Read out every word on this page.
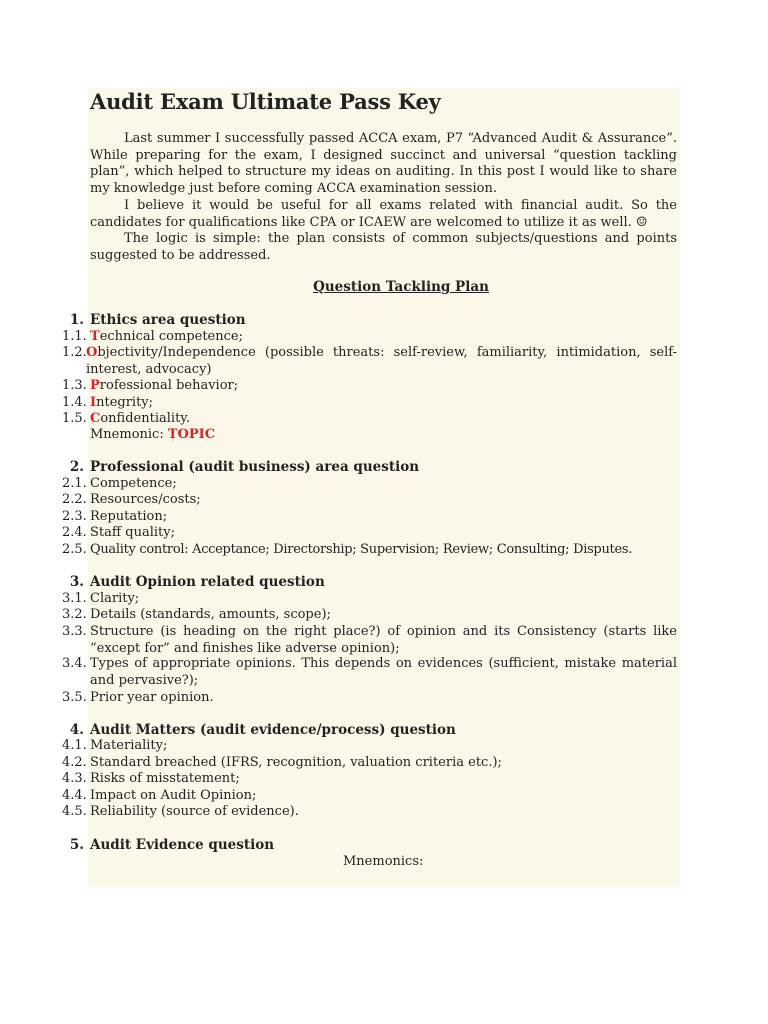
Audit Exam Ultimate Pass Key
Last summer I successfully passed ACCA exam, P7 “Advanced Audit & Assurance”. While preparing for the exam, I designed succinct and universal “question tackling plan”, which helped to structure my ideas on auditing. In this post I would like to share my knowledge just before coming ACCA examination session.
I believe it would be useful for all exams related with financial audit. So the candidates for qualifications like CPA or ICAEW are welcomed to utilize it as well. ☺
The logic is simple: the plan consists of common subjects/questions and points suggested to be addressed.
Question Tackling Plan
1. Ethics area question
1.1. Technical competence;
1.2. Objectivity/Independence (possible threats: self-review, familiarity, intimidation, self-interest, advocacy)
1.3. Professional behavior;
1.4. Integrity;
1.5. Confidentiality.
Mnemonic: TOPIC
2. Professional (audit business) area question
2.1. Competence;
2.2. Resources/costs;
2.3. Reputation;
2.4. Staff quality;
2.5. Quality control: Acceptance; Directorship; Supervision; Review; Consulting; Disputes.
3. Audit Opinion related question
3.1. Clarity;
3.2. Details (standards, amounts, scope);
3.3. Structure (is heading on the right place?) of opinion and its Consistency (starts like “except for” and finishes like adverse opinion);
3.4. Types of appropriate opinions. This depends on evidences (sufficient, mistake material and pervasive?);
3.5. Prior year opinion.
4. Audit Matters (audit evidence/process) question
4.1. Materiality;
4.2. Standard breached (IFRS, recognition, valuation criteria etc.);
4.3. Risks of misstatement;
4.4. Impact on Audit Opinion;
4.5. Reliability (source of evidence).
5. Audit Evidence question
Mnemonics:
